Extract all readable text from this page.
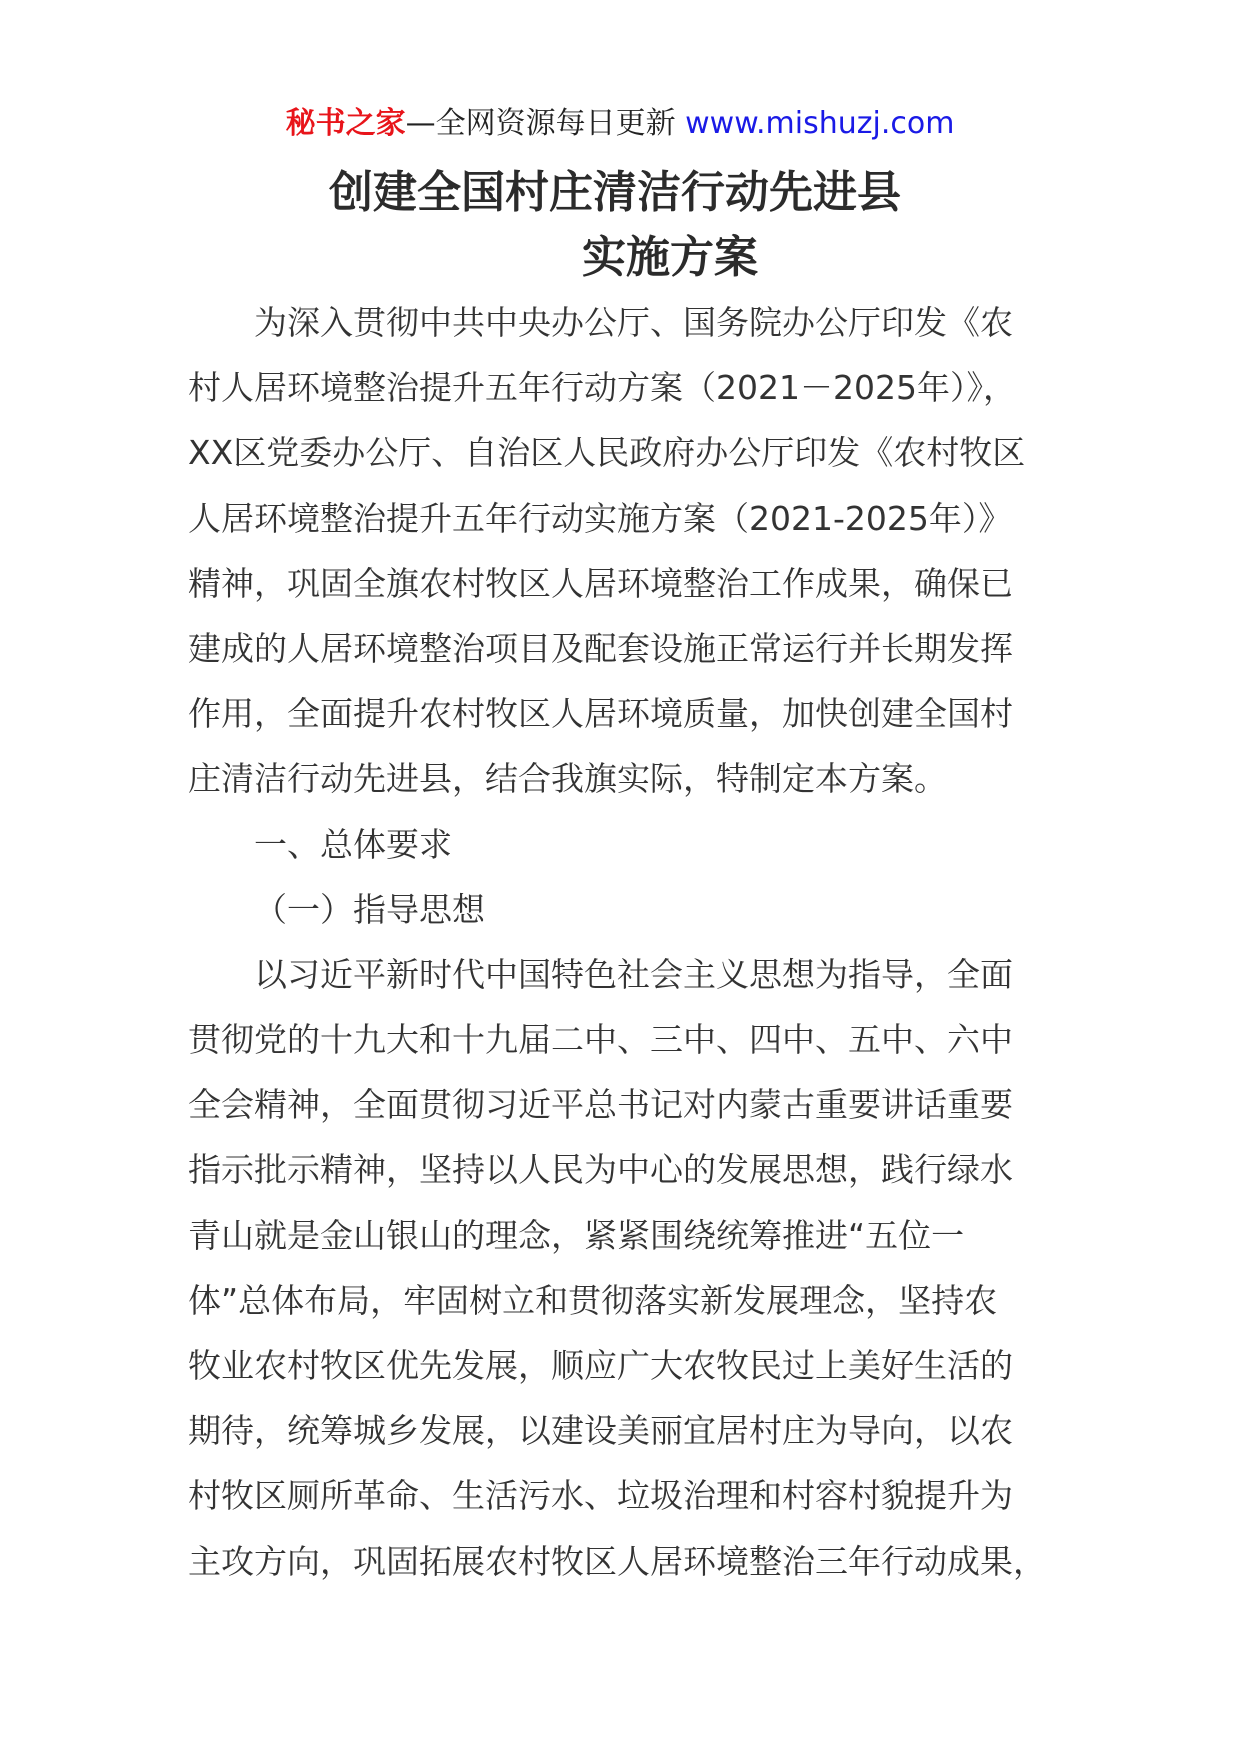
秘书之家—全网资源每日更新 www.mishuzj.com
创建全国村庄清洁行动先进县
实施方案
为深入贯彻中共中央办公厅、国务院办公厅印发《农
村人居环境整治提升五年行动方案（2021－2025年）》，
XX区党委办公厅、自治区人民政府办公厅印发《农村牧区
人居环境整治提升五年行动实施方案（2021-2025年）》
精神，巩固全旗农村牧区人居环境整治工作成果，确保已
建成的人居环境整治项目及配套设施正常运行并长期发挥
作用，全面提升农村牧区人居环境质量，加快创建全国村
庄清洁行动先进县，结合我旗实际，特制定本方案。
一、总体要求
（一）指导思想
以习近平新时代中国特色社会主义思想为指导，全面
贯彻党的十九大和十九届二中、三中、四中、五中、六中
全会精神，全面贯彻习近平总书记对内蒙古重要讲话重要
指示批示精神，坚持以人民为中心的发展思想，践行绿水
青山就是金山银山的理念，紧紧围绕统筹推进“五位一
体”总体布局，牢固树立和贯彻落实新发展理念，坚持农
牧业农村牧区优先发展，顺应广大农牧民过上美好生活的
期待，统筹城乡发展，以建设美丽宜居村庄为导向，以农
村牧区厕所革命、生活污水、垃圾治理和村容村貌提升为
主攻方向，巩固拓展农村牧区人居环境整治三年行动成果，
